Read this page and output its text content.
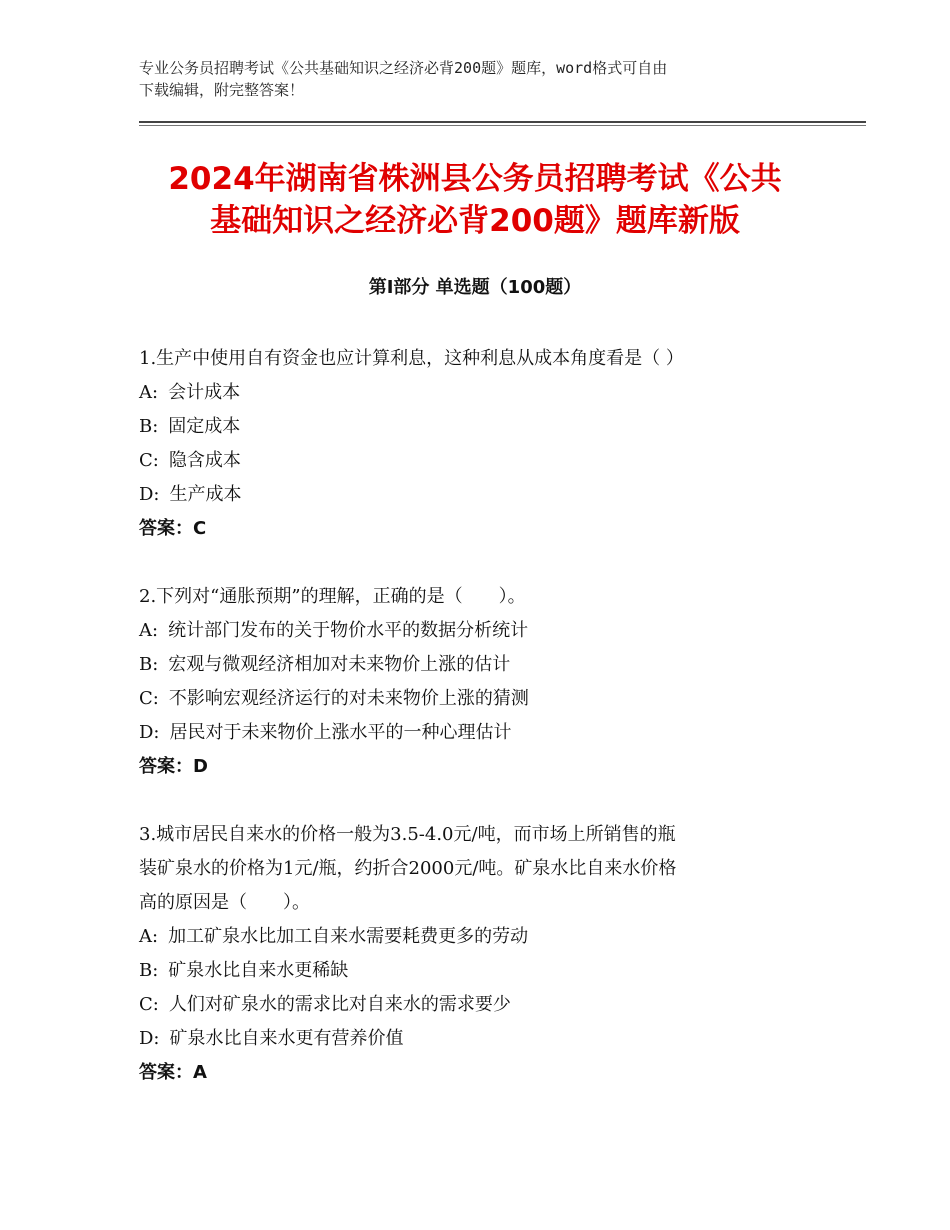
专业公务员招聘考试《公共基础知识之经济必背200题》题库，word格式可自由
下载编辑，附完整答案！
2024年湖南省株洲县公务员招聘考试《公共
基础知识之经济必背200题》题库新版
第Ⅰ部分 单选题（100题）
1.生产中使用自有资金也应计算利息，这种利息从成本角度看是（ ）
A: 会计成本
B: 固定成本
C: 隐含成本
D: 生产成本
答案：C
2.下列对“通胀预期”的理解，正确的是（　　）。
A: 统计部门发布的关于物价水平的数据分析统计
B: 宏观与微观经济相加对未来物价上涨的估计
C: 不影响宏观经济运行的对未来物价上涨的猜测
D: 居民对于未来物价上涨水平的一种心理估计
答案：D
3.城市居民自来水的价格一般为3.5-4.0元/吨，而市场上所销售的瓶
装矿泉水的价格为1元/瓶，约折合2000元/吨。矿泉水比自来水价格
高的原因是（　　）。
A: 加工矿泉水比加工自来水需要耗费更多的劳动
B: 矿泉水比自来水更稀缺
C: 人们对矿泉水的需求比对自来水的需求要少
D: 矿泉水比自来水更有营养价值
答案：A
